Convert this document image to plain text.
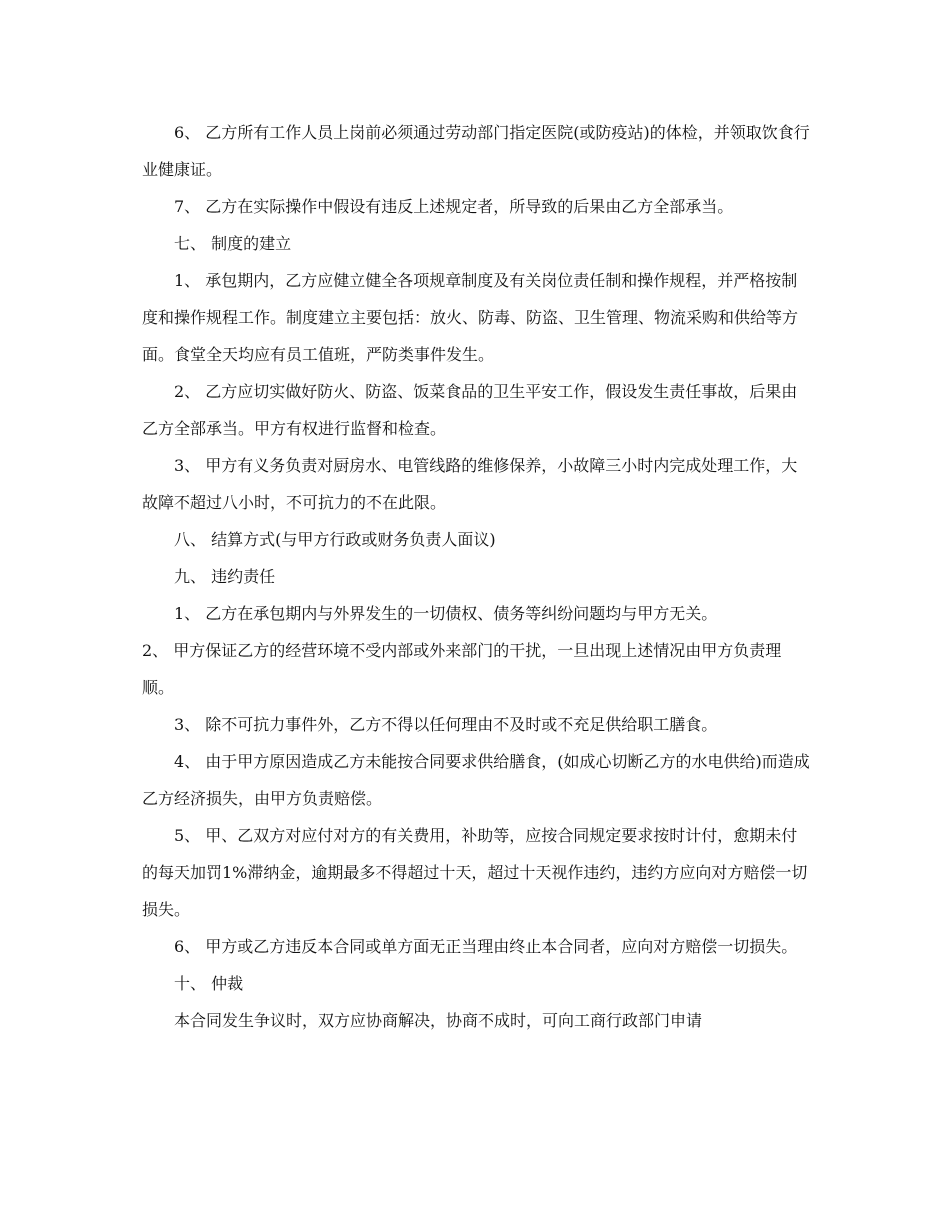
6、 乙方所有工作人员上岗前必须通过劳动部门指定医院(或防疫站)的体检，并领取饮食行业健康证。

7、 乙方在实际操作中假设有违反上述规定者，所导致的后果由乙方全部承当。

七、 制度的建立

1、 承包期内，乙方应健立健全各项规章制度及有关岗位责任制和操作规程，并严格按制度和操作规程工作。制度建立主要包括：放火、防毒、防盗、卫生管理、物流采购和供给等方面。食堂全天均应有员工值班，严防类事件发生。

2、 乙方应切实做好防火、防盗、饭菜食品的卫生平安工作，假设发生责任事故，后果由乙方全部承当。甲方有权进行监督和检查。

3、 甲方有义务负责对厨房水、电管线路的维修保养，小故障三小时内完成处理工作，大故障不超过八小时，不可抗力的不在此限。

八、 结算方式(与甲方行政或财务负责人面议)

九、 违约责任

1、 乙方在承包期内与外界发生的一切债权、债务等纠纷问题均与甲方无关。

2、 甲方保证乙方的经营环境不受内部或外来部门的干扰，一旦出现上述情况由甲方负责理顺。

3、 除不可抗力事件外，乙方不得以任何理由不及时或不充足供给职工膳食。

4、 由于甲方原因造成乙方未能按合同要求供给膳食，(如成心切断乙方的水电供给)而造成乙方经济损失，由甲方负责赔偿。

5、 甲、乙双方对应付对方的有关费用，补助等，应按合同规定要求按时计付，愈期未付的每天加罚1%滞纳金，逾期最多不得超过十天，超过十天视作违约，违约方应向对方赔偿一切损失。

6、 甲方或乙方违反本合同或单方面无正当理由终止本合同者，应向对方赔偿一切损失。

十、 仲裁

本合同发生争议时，双方应协商解决，协商不成时，可向工商行政部门申请
